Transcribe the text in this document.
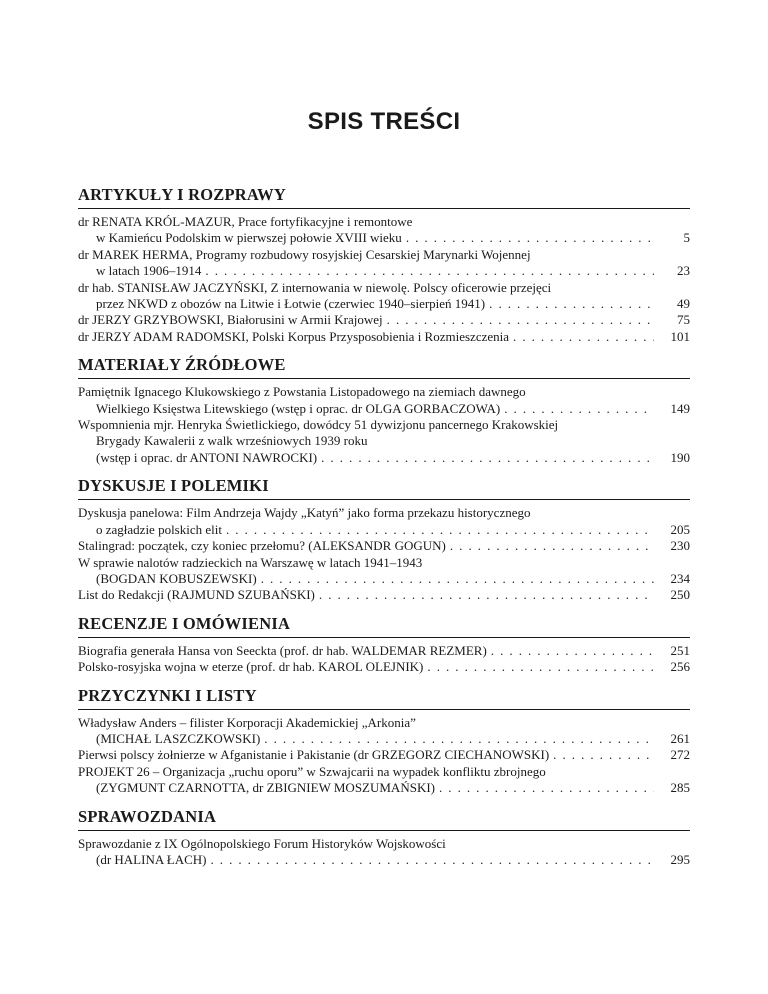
SPIS TREŚCI
ARTYKUŁY I ROZPRAWY
dr RENATA KRÓL-MAZUR, Prace fortyfikacyjne i remontowe
w Kamieńcu Podolskim w pierwszej połowie XVIII wieku . . .	5
dr MAREK HERMA, Programy rozbudowy rosyjskiej Cesarskiej Marynarki Wojennej
w latach 1906–1914 . . .	23
dr hab. STANISŁAW JACZYŃSKI, Z internowania w niewolę. Polscy oficerowie przejęci
przez NKWD z obozów na Litwie i Łotwie (czerwiec 1940–sierpień 1941) . . .	49
dr JERZY GRZYBOWSKI, Białorusini w Armii Krajowej . . .	75
dr JERZY ADAM RADOMSKI, Polski Korpus Przysposobienia i Rozmieszczenia . . .	101
MATERIAŁY ŹRÓDŁOWE
Pamiętnik Ignacego Klukowskiego z Powstania Listopadowego na ziemiach dawnego
Wielkiego Księstwa Litewskiego (wstęp i oprac. dr OLGA GORBACZOWA) . . .	149
Wspomnienia mjr. Henryka Świetlickiego, dowódcy 51 dywizjonu pancernego Krakowskiej
Brygady Kawalerii z walk wrześniowych 1939 roku
(wstęp i oprac. dr ANTONI NAWROCKI) . . .	190
DYSKUSJE I POLEMIKI
Dyskusja panelowa: Film Andrzeja Wajdy „Katyń” jako forma przekazu historycznego
o zagładzie polskich elit . . .	205
Stalingrad: początek, czy koniec przełomu? (ALEKSANDR GOGUN) . . .	230
W sprawie nalotów radzieckich na Warszawę w latach 1941–1943
(BOGDAN KOBUSZEWSKI) . . .	234
List do Redakcji (RAJMUND SZUBAŃSKI) . . .	250
RECENZJE I OMÓWIENIA
Biografia generała Hansa von Seeckta (prof. dr hab. WALDEMAR REZMER) . . .	251
Polsko-rosyjska wojna w eterze (prof. dr hab. KAROL OLEJNIK) . . .	256
PRZYCZYNKI I LISTY
Władysław Anders – filister Korporacji Akademickiej „Arkonia”
(MICHAŁ LASZCZKOWSKI) . . .	261
Pierwsi polscy żołnierze w Afganistanie i Pakistanie (dr GRZEGORZ CIECHANOWSKI) . . .	272
PROJEKT 26 – Organizacja „ruchu oporu” w Szwajcarii na wypadek konfliktu zbrojnego
(ZYGMUNT CZARNOTTA, dr ZBIGNIEW MOSZUMAŃSKI) . . .	285
SPRAWOZDANIA
Sprawozdanie z IX Ogólnopolskiego Forum Historyków Wojskowości
(dr HALINA ŁACH) . . .	295
